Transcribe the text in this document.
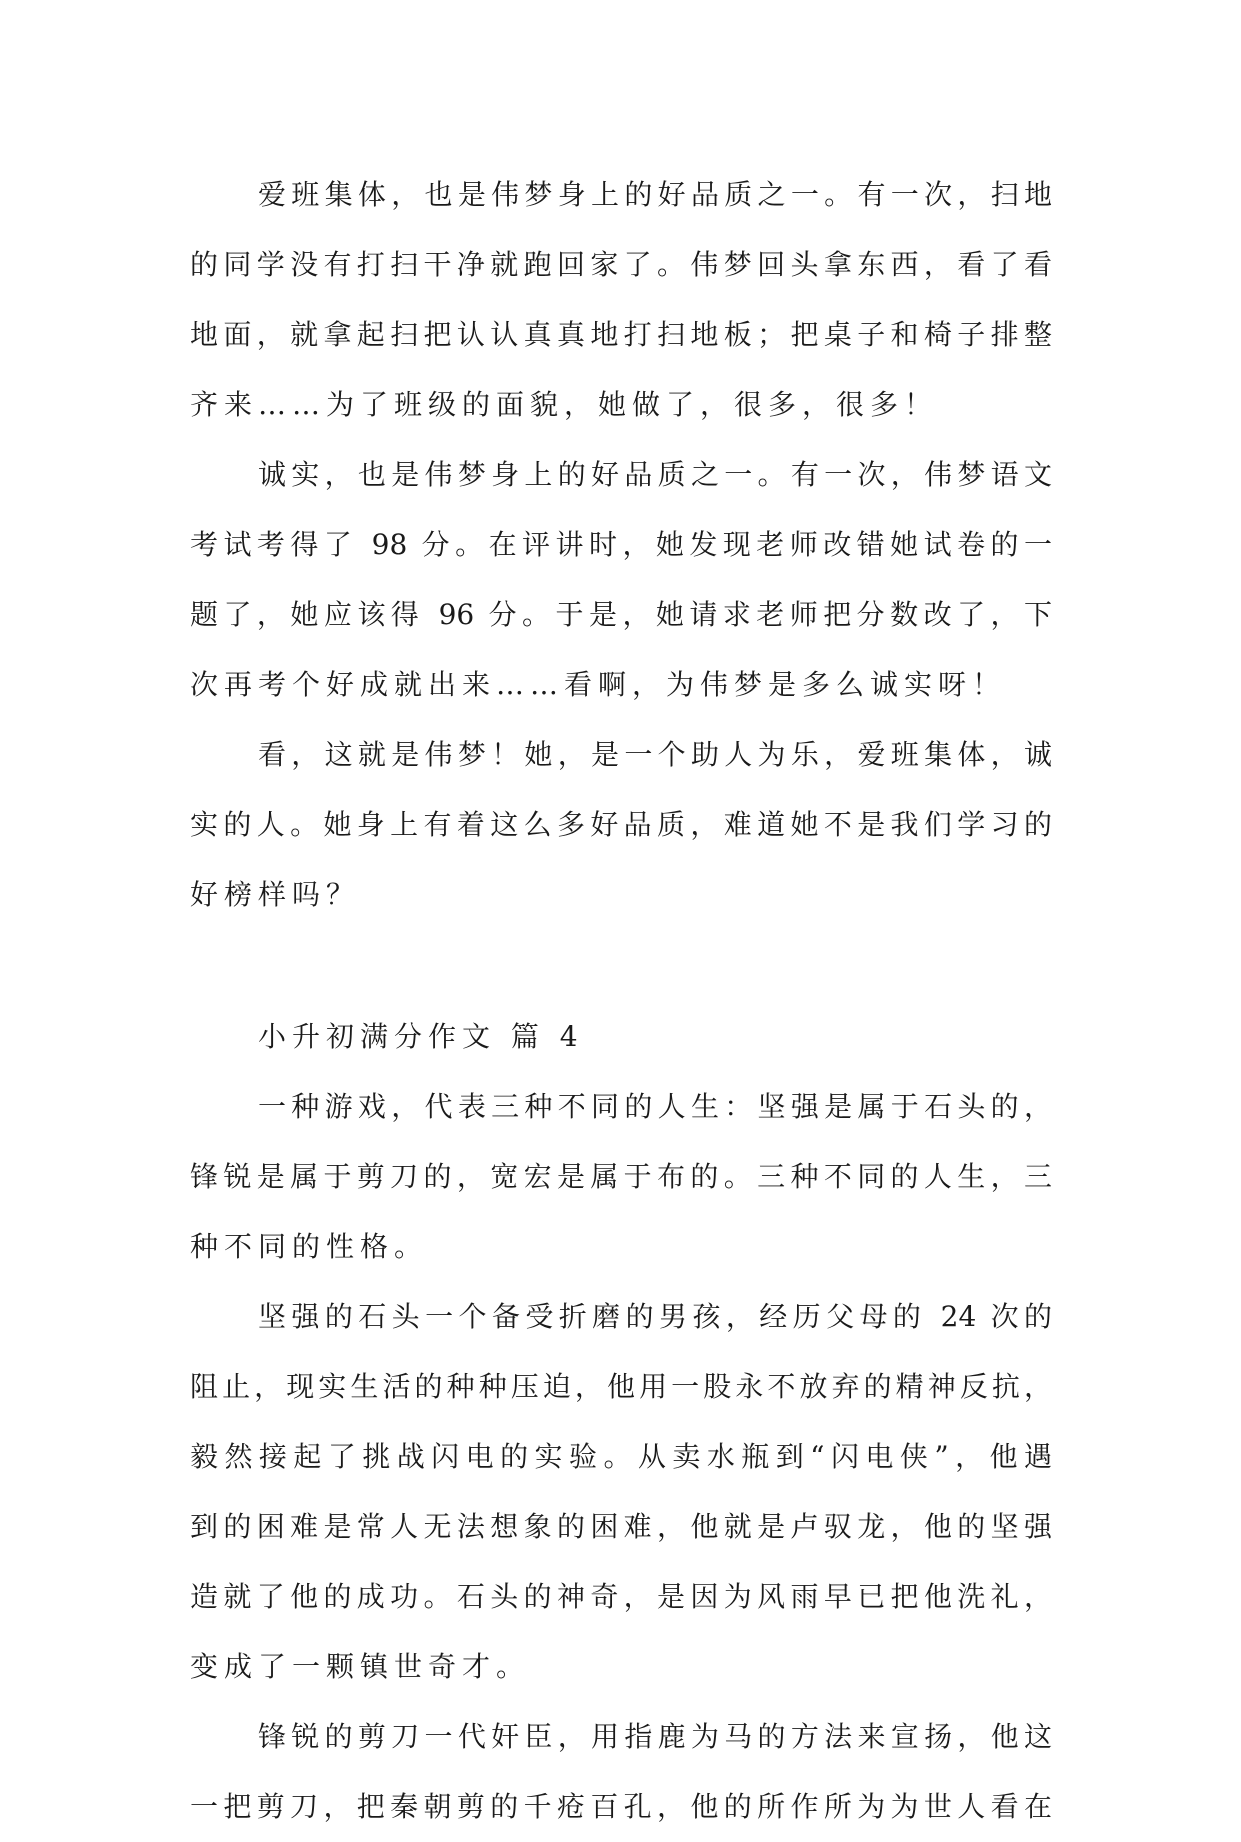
爱班集体，也是伟梦身上的好品质之一。有一次，扫地
的同学没有打扫干净就跑回家了。伟梦回头拿东西，看了看
地面，就拿起扫把认认真真地打扫地板；把桌子和椅子排整
齐来……为了班级的面貌，她做了，很多，很多！
诚实，也是伟梦身上的好品质之一。有一次，伟梦语文
考试考得了 98 分。在评讲时，她发现老师改错她试卷的一
题了，她应该得 96 分。于是，她请求老师把分数改了，下
次再考个好成就出来……看啊，为伟梦是多么诚实呀！
看，这就是伟梦！她，是一个助人为乐，爱班集体，诚
实的人。她身上有着这么多好品质，难道她不是我们学习的
好榜样吗？
小升初满分作文 篇 4
一种游戏，代表三种不同的人生：坚强是属于石头的，
锋锐是属于剪刀的，宽宏是属于布的。三种不同的人生，三
种不同的性格。
坚强的石头一个备受折磨的男孩，经历父母的 24 次的
阻止，现实生活的种种压迫，他用一股永不放弃的精神反抗，
毅然接起了挑战闪电的实验。从卖水瓶到“闪电侠”，他遇
到的困难是常人无法想象的困难，他就是卢驭龙，他的坚强
造就了他的成功。石头的神奇，是因为风雨早已把他洗礼，
变成了一颗镇世奇才。
锋锐的剪刀一代奸臣，用指鹿为马的方法来宣扬，他这
一把剪刀，把秦朝剪的千疮百孔，他的所作所为为世人看在
